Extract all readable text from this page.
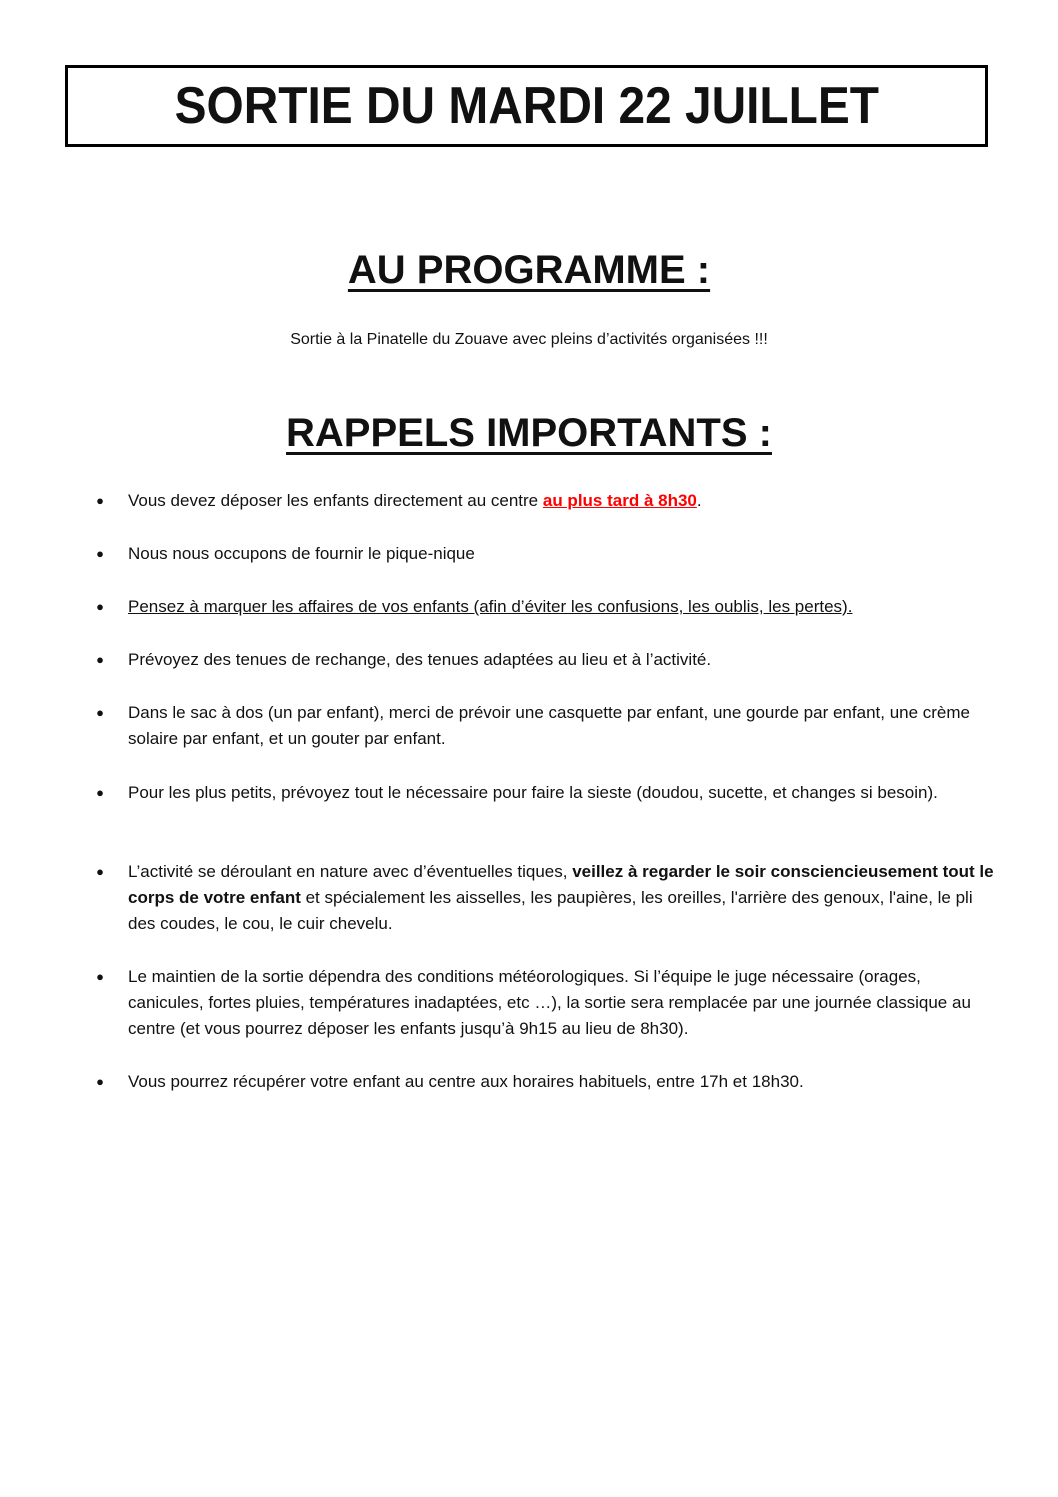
SORTIE DU MARDI 22 JUILLET
AU PROGRAMME :

Sortie à la Pinatelle du Zouave avec pleins d’activités organisées !!!

RAPPELS IMPORTANTS :
● Vous devez déposer les enfants directement au centre au plus tard à 8h30.
● Nous nous occupons de fournir le pique-nique
● Pensez à marquer les affaires de vos enfants (afin d’éviter les confusions, les oublis, les pertes).
● Prévoyez des tenues de rechange, des tenues adaptées au lieu et à l’activité.
● Dans le sac à dos (un par enfant), merci de prévoir une casquette par enfant, une gourde par enfant, une crème solaire par enfant, et un gouter par enfant.
● Pour les plus petits, prévoyez tout le nécessaire pour faire la sieste (doudou, sucette, et changes si besoin).
● L’activité se déroulant en nature avec d’éventuelles tiques, veillez à regarder le soir consciencieusement tout le corps de votre enfant et spécialement les aisselles, les paupières, les oreilles, l'arrière des genoux, l'aine, le pli des coudes, le cou, le cuir chevelu.
● Le maintien de la sortie dépendra des conditions météorologiques. Si l’équipe le juge nécessaire (orages, canicules, fortes pluies, températures inadaptées, etc …), la sortie sera remplacée par une journée classique au centre (et vous pourrez déposer les enfants jusqu’à 9h15 au lieu de 8h30).
● Vous pourrez récupérer votre enfant au centre aux horaires habituels, entre 17h et 18h30.
